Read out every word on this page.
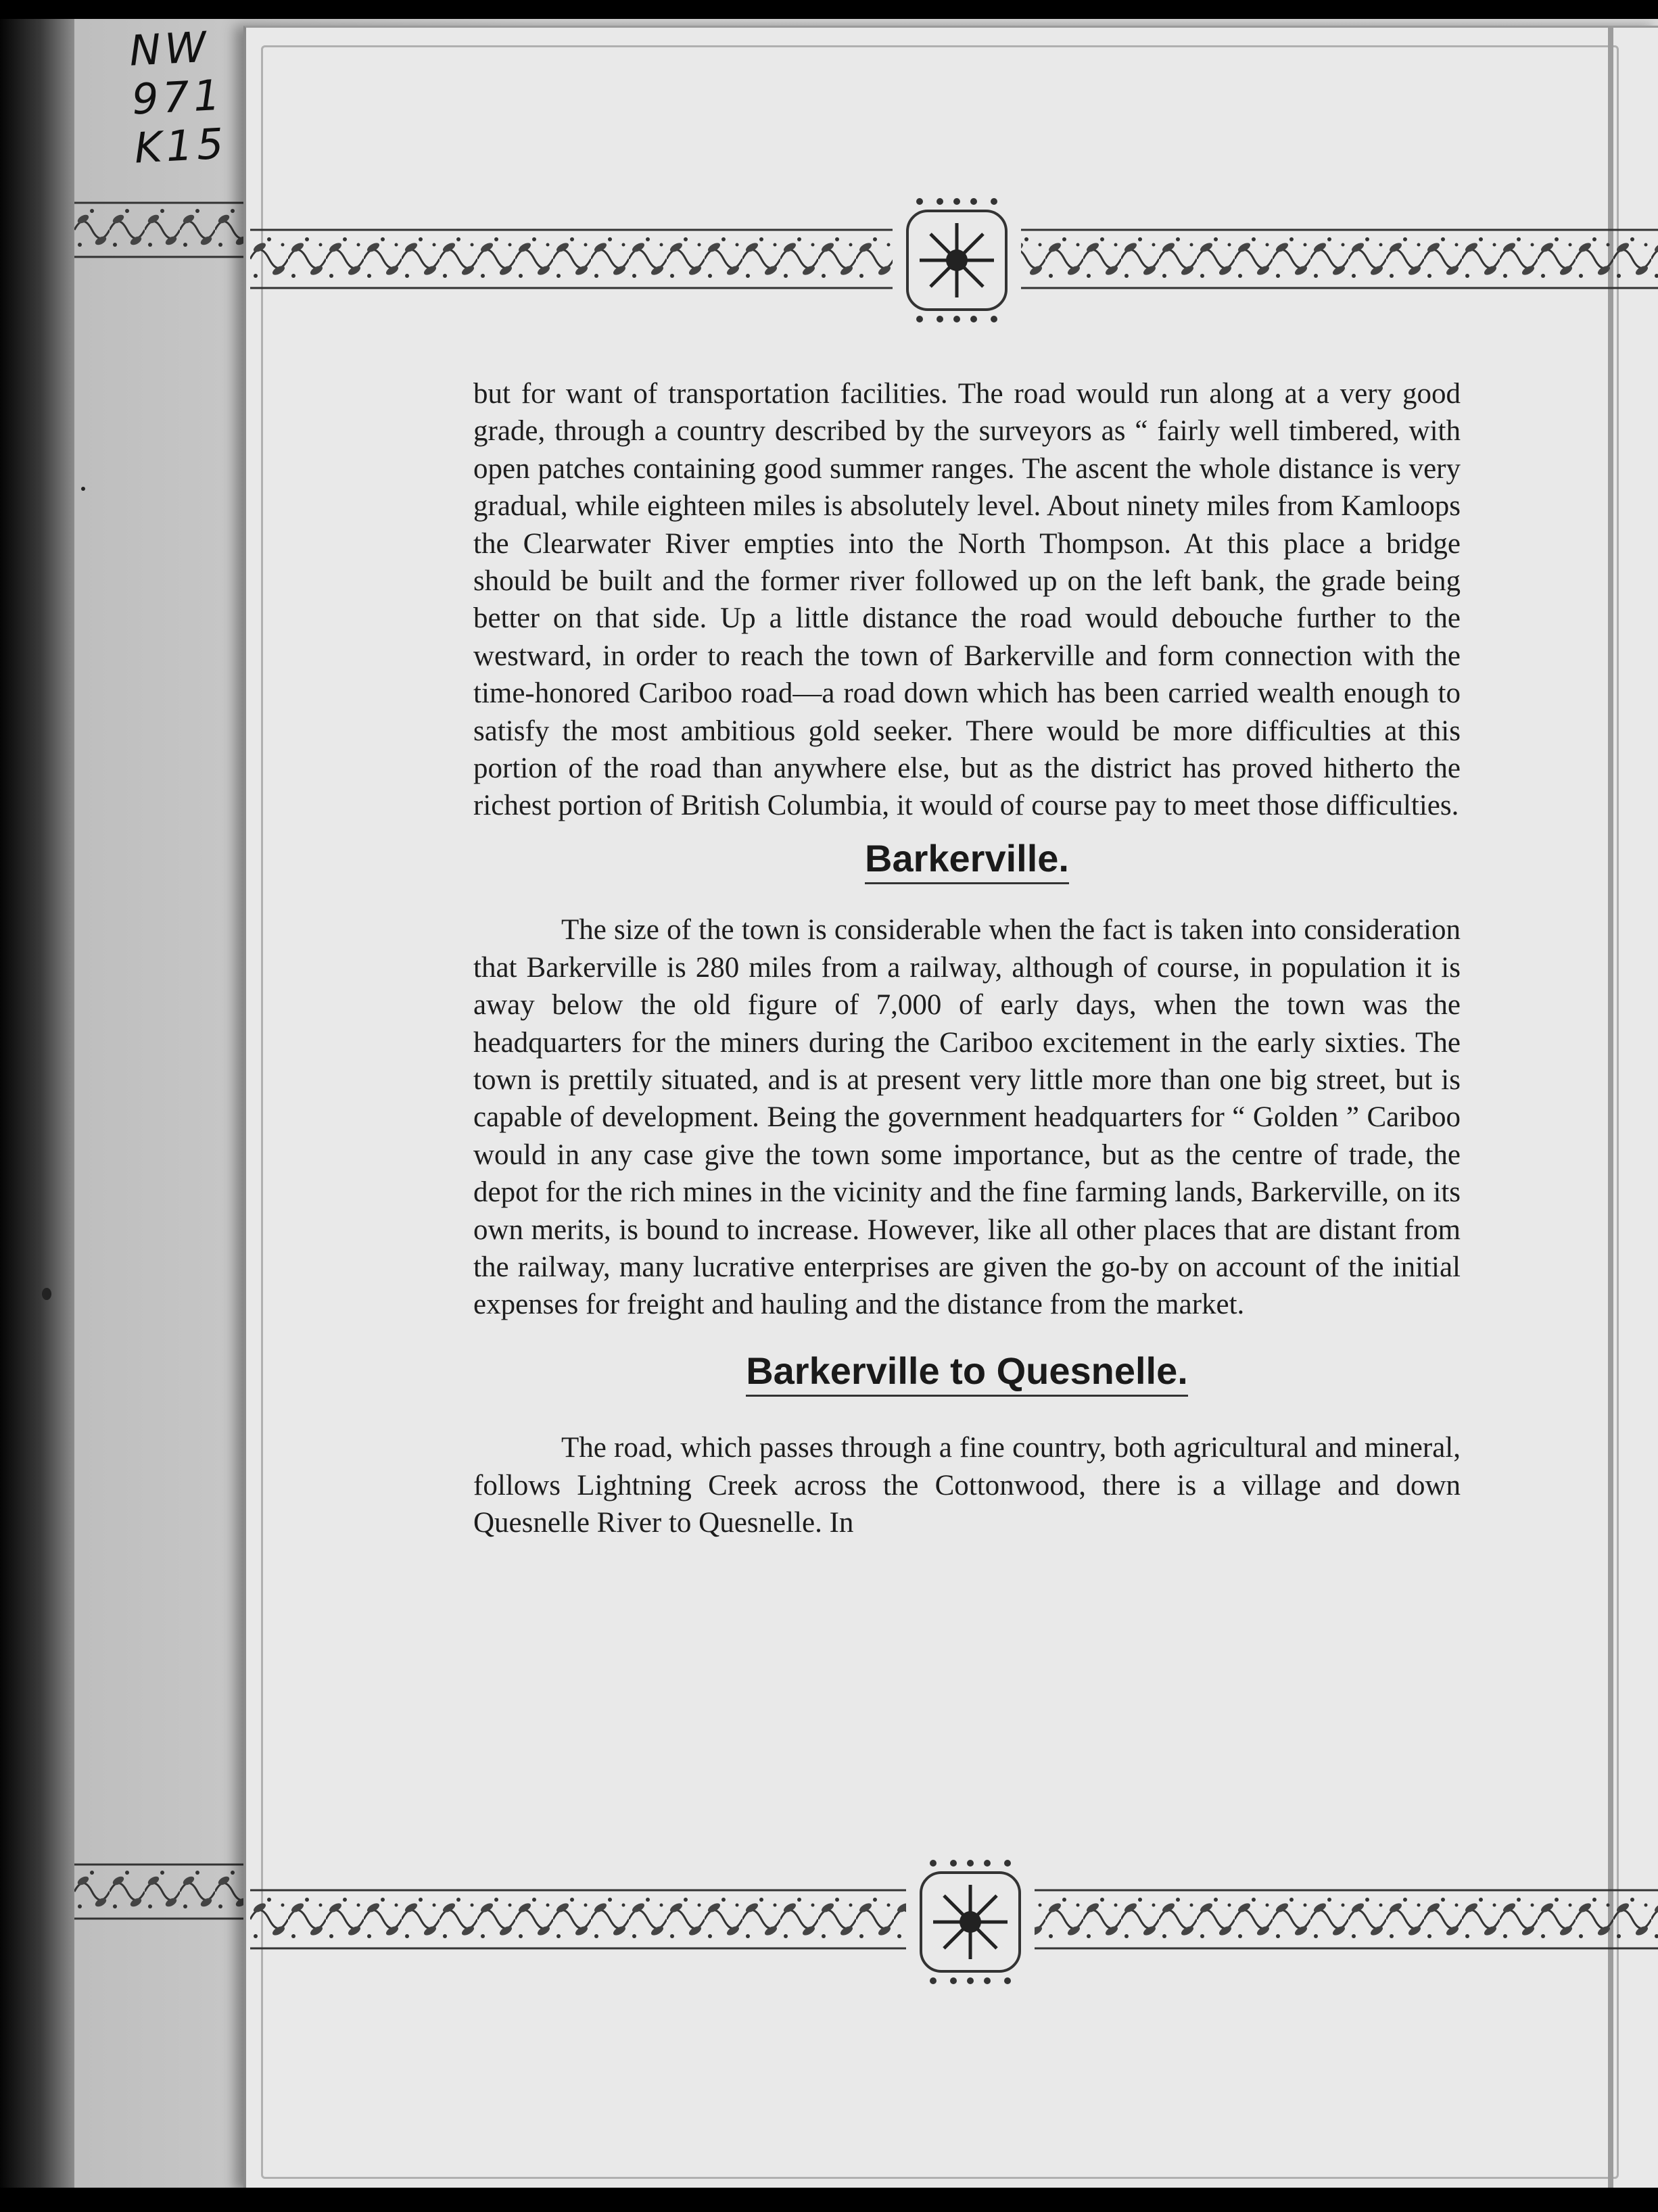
NW
971
K15

but for want of transportation facilities. The road would run along at a very good grade, through a country described by the surveyors as “ fairly well timbered, with open patches containing good summer ranges. The ascent the whole distance is very gradual, while eighteen miles is absolutely level. About ninety miles from Kamloops the Clearwater River empties into the North Thompson. At this place a bridge should be built and the former river followed up on the left bank, the grade being better on that side. Up a little distance the road would debouche further to the westward, in order to reach the town of Barkerville and form connection with the time-honored Cariboo road—a road down which has been carried wealth enough to satisfy the most ambitious gold seeker. There would be more difficulties at this portion of the road than anywhere else, but as the district has proved hitherto the richest portion of British Columbia, it would of course pay to meet those difficulties.

Barkerville.

The size of the town is considerable when the fact is taken into consideration that Barkerville is 280 miles from a railway, although of course, in population it is away below the old figure of 7,000 of early days, when the town was the headquarters for the miners during the Cariboo excitement in the early sixties. The town is prettily situated, and is at present very little more than one big street, but is capable of development. Being the government headquarters for “ Golden ” Cariboo would in any case give the town some importance, but as the centre of trade, the depot for the rich mines in the vicinity and the fine farming lands, Barkerville, on its own merits, is bound to increase. However, like all other places that are distant from the railway, many lucrative enterprises are given the go-by on account of the initial expenses for freight and hauling and the distance from the market.

Barkerville to Quesnelle.

The road, which passes through a fine country, both agricultural and mineral, follows Lightning Creek across the Cottonwood, there is a village and down Quesnelle River to Quesnelle. In
